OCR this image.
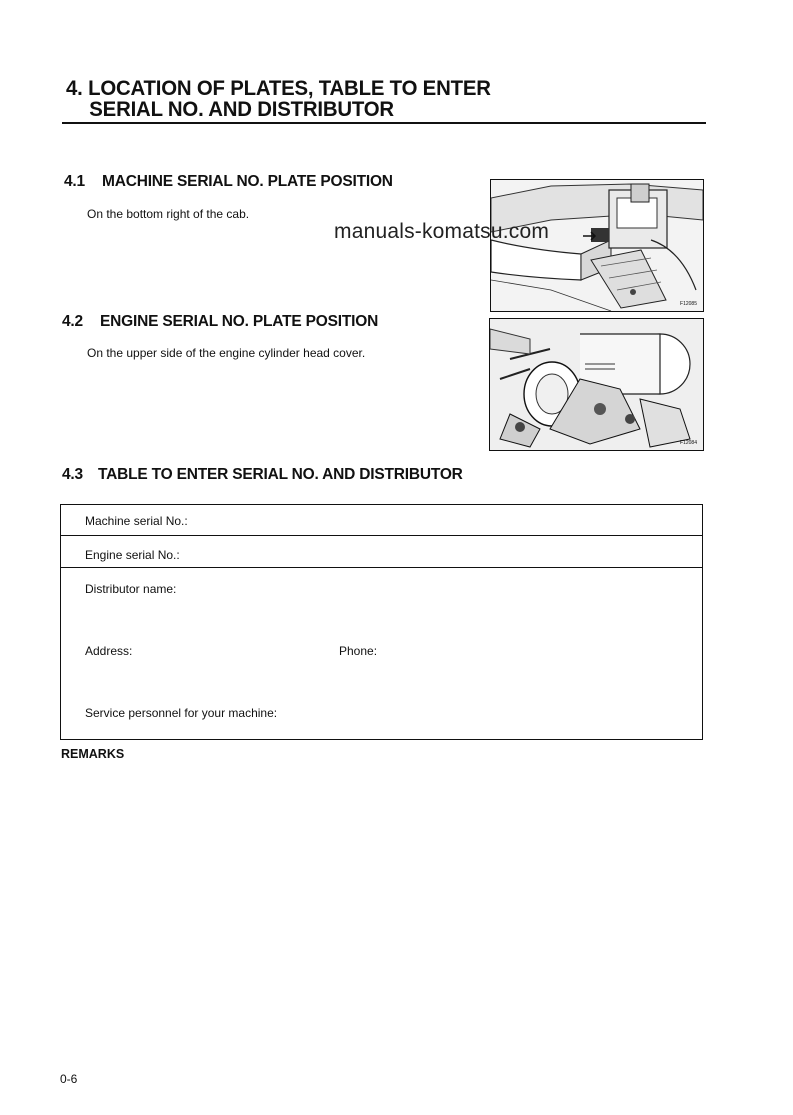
4. LOCATION OF PLATES, TABLE TO ENTER
SERIAL NO. AND DISTRIBUTOR
4.1 MACHINE SERIAL NO. PLATE POSITION
On the bottom right of the cab.
F12085
manuals-komatsu.com
4.2 ENGINE SERIAL NO. PLATE POSITION
On the upper side of the engine cylinder head cover.
F12084
4.3 TABLE TO ENTER SERIAL NO. AND DISTRIBUTOR
Machine serial No.:
Engine serial No.:
Distributor name:
Address:	Phone:
Service personnel for your machine:
REMARKS
0-6
